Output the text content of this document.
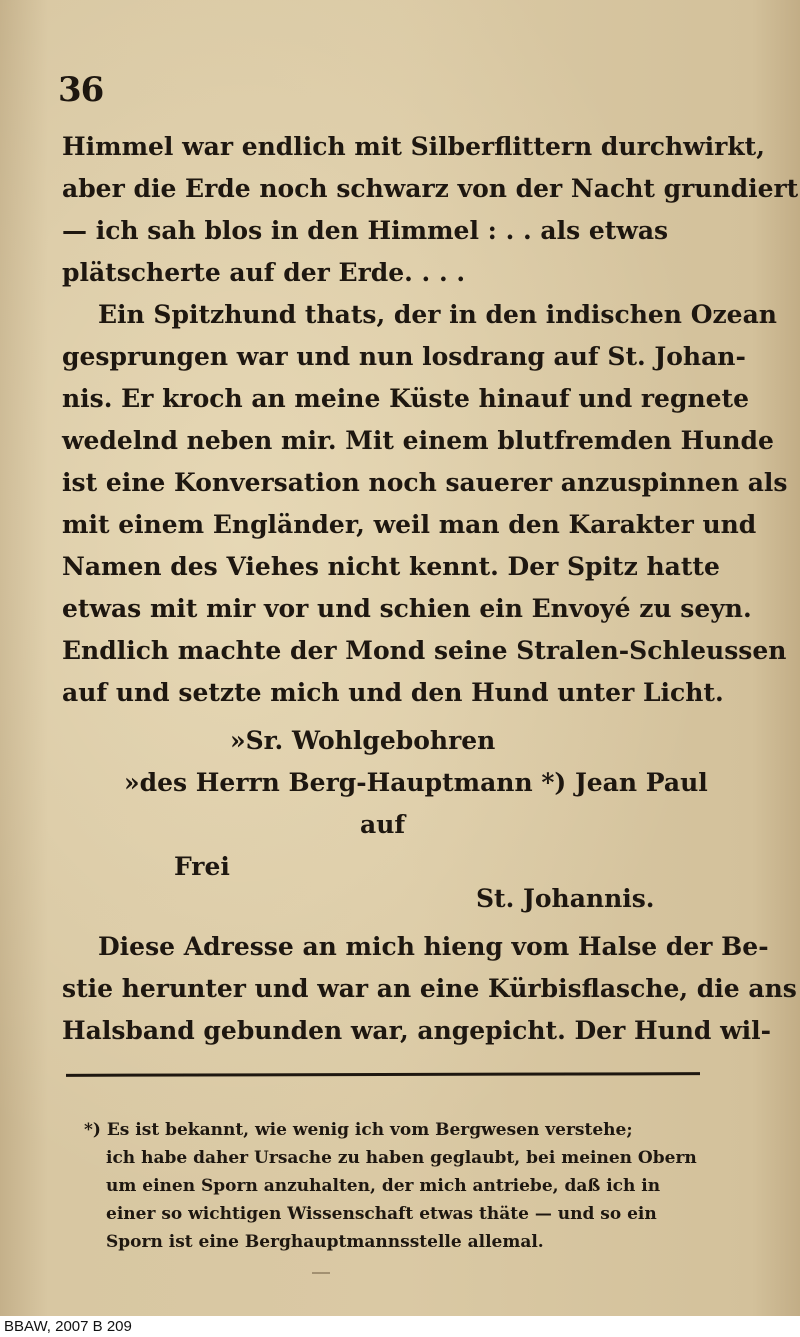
36
Himmel war endlich mit Silberflittern durchwirkt,
aber die Erde noch schwarz von der Nacht grundiert
— ich sah blos in den Himmel : . . als etwas
plätscherte auf der Erde. . . .
Ein Spitzhund thats, der in den indischen Ozean
gesprungen war und nun losdrang auf St. Johan-
nis. Er kroch an meine Küste hinauf und regnete
wedelnd neben mir. Mit einem blutfremden Hunde
ist eine Konversation noch sauerer anzuspinnen als
mit einem Engländer, weil man den Karakter und
Namen des Viehes nicht kennt. Der Spitz hatte
etwas mit mir vor und schien ein Envoyé zu seyn.
Endlich machte der Mond seine Stralen-Schleussen
auf und setzte mich und den Hund unter Licht.
»Sr. Wohlgebohren
»des Herrn Berg-Hauptmann *) Jean Paul
auf
Frei
St. Johannis.
Diese Adresse an mich hieng vom Halse der Be-
stie herunter und war an eine Kürbisflasche, die ans
Halsband gebunden war, angepicht. Der Hund wil-
*) Es ist bekannt, wie wenig ich vom Bergwesen verstehe;
ich habe daher Ursache zu haben geglaubt, bei meinen Obern
um einen Sporn anzuhalten, der mich antriebe, daß ich in
einer so wichtigen Wissenschaft etwas thäte — und so ein
Sporn ist eine Berghauptmannsstelle allemal.
BBAW, 2007 B 209
